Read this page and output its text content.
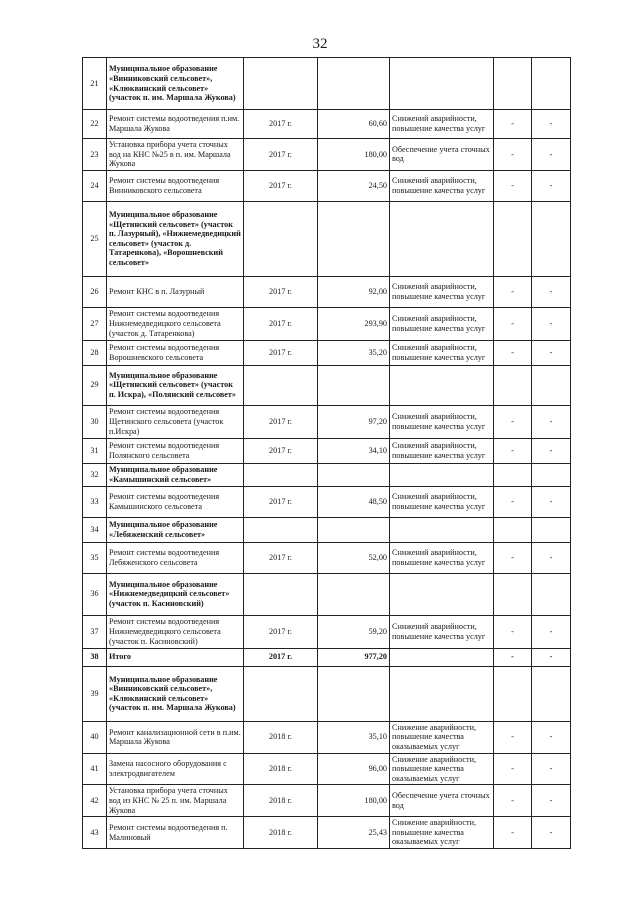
32
21	Муниципальное образование «Винниковский сельсовет», «Клюквинский сельсовет» (участок п. им. Маршала Жукова)					
22	Ремонт системы водоотведения п.им. Маршала Жукова	2017 г.	60,60	Снижений аварийности, повышение качества услуг	-	-
23	Установка прибора учета сточных вод на КНС №25 в п. им. Маршала Жукова	2017 г.	180,00	Обеспечение учета сточных вод	-	-
24	Ремонт системы водоотведения Винниковского сельсовета	2017 г.	24,50	Снижений аварийности, повышение качества услуг	-	-
25	Муниципальное образование «Щетинский сельсовет» (участок п. Лазурный), «Нижнемедведицкий сельсовет» (участок д. Татаренкова), «Ворошневский сельсовет»					
26	Ремонт КНС в п. Лазурный	2017 г.	92,00	Снижений аварийности, повышение качества услуг	-	-
27	Ремонт системы водоотведения Нижнемедведицкого сельсовета (участок д. Татаренкова)	2017 г.	293,90	Снижений аварийности, повышение качества услуг	-	-
28	Ремонт системы водоотведения Ворошневского сельсовета	2017 г.	35,20	Снижений аварийности, повышение качества услуг	-	-
29	Муниципальное образование «Щетинский сельсовет» (участок п. Искра), «Полянский сельсовет»					
30	Ремонт системы водоотведения Щетинского сельсовета (участок п.Искра)	2017 г.	97,20	Снижений аварийности, повышение качества услуг	-	-
31	Ремонт системы водоотведения Полянского сельсовета	2017 г.	34,10	Снижений аварийности, повышение качества услуг	-	-
32	Муниципальное образование «Камышинский сельсовет»					
33	Ремонт системы водоотведения Камышинского сельсовета	2017 г.	48,50	Снижений аварийности, повышение качества услуг	-	-
34	Муниципальное образование «Лебяженский сельсовет»					
35	Ремонт системы водоотведения Лебяженского сельсовета	2017 г.	52,00	Снижений аварийности, повышение качества услуг	-	-
36	Муниципальное образование «Нижнемедведицкий сельсовет» (участок п. Касиновский)					
37	Ремонт системы водоотведения Нижнемедведицкого сельсовета (участок п. Касиновский)	2017 г.	59,20	Снижений аварийности, повышение качества услуг	-	-
38	Итого	2017 г.	977,20		-	-
39	Муниципальное образование «Винниковский сельсовет», «Клюквинский сельсовет» (участок п. им. Маршала Жукова)					
40	Ремонт канализационной сети в п.им. Маршала Жукова	2018 г.	35,10	Снижение аварийности, повышение качества оказываемых услуг	-	-
41	Замена насосного оборудования с электродвигателем	2018 г.	96,00	Снижение аварийности, повышение качества оказываемых услуг	-	-
42	Установка прибора учета сточных вод из КНС № 25 п. им. Маршала Жукова	2018 г.	180,00	Обеспечение учета сточных вод	-	-
43	Ремонт системы водоотведения п. Малиновый	2018 г.	25,43	Снижение аварийности, повышение качества оказываемых услуг	-	-
